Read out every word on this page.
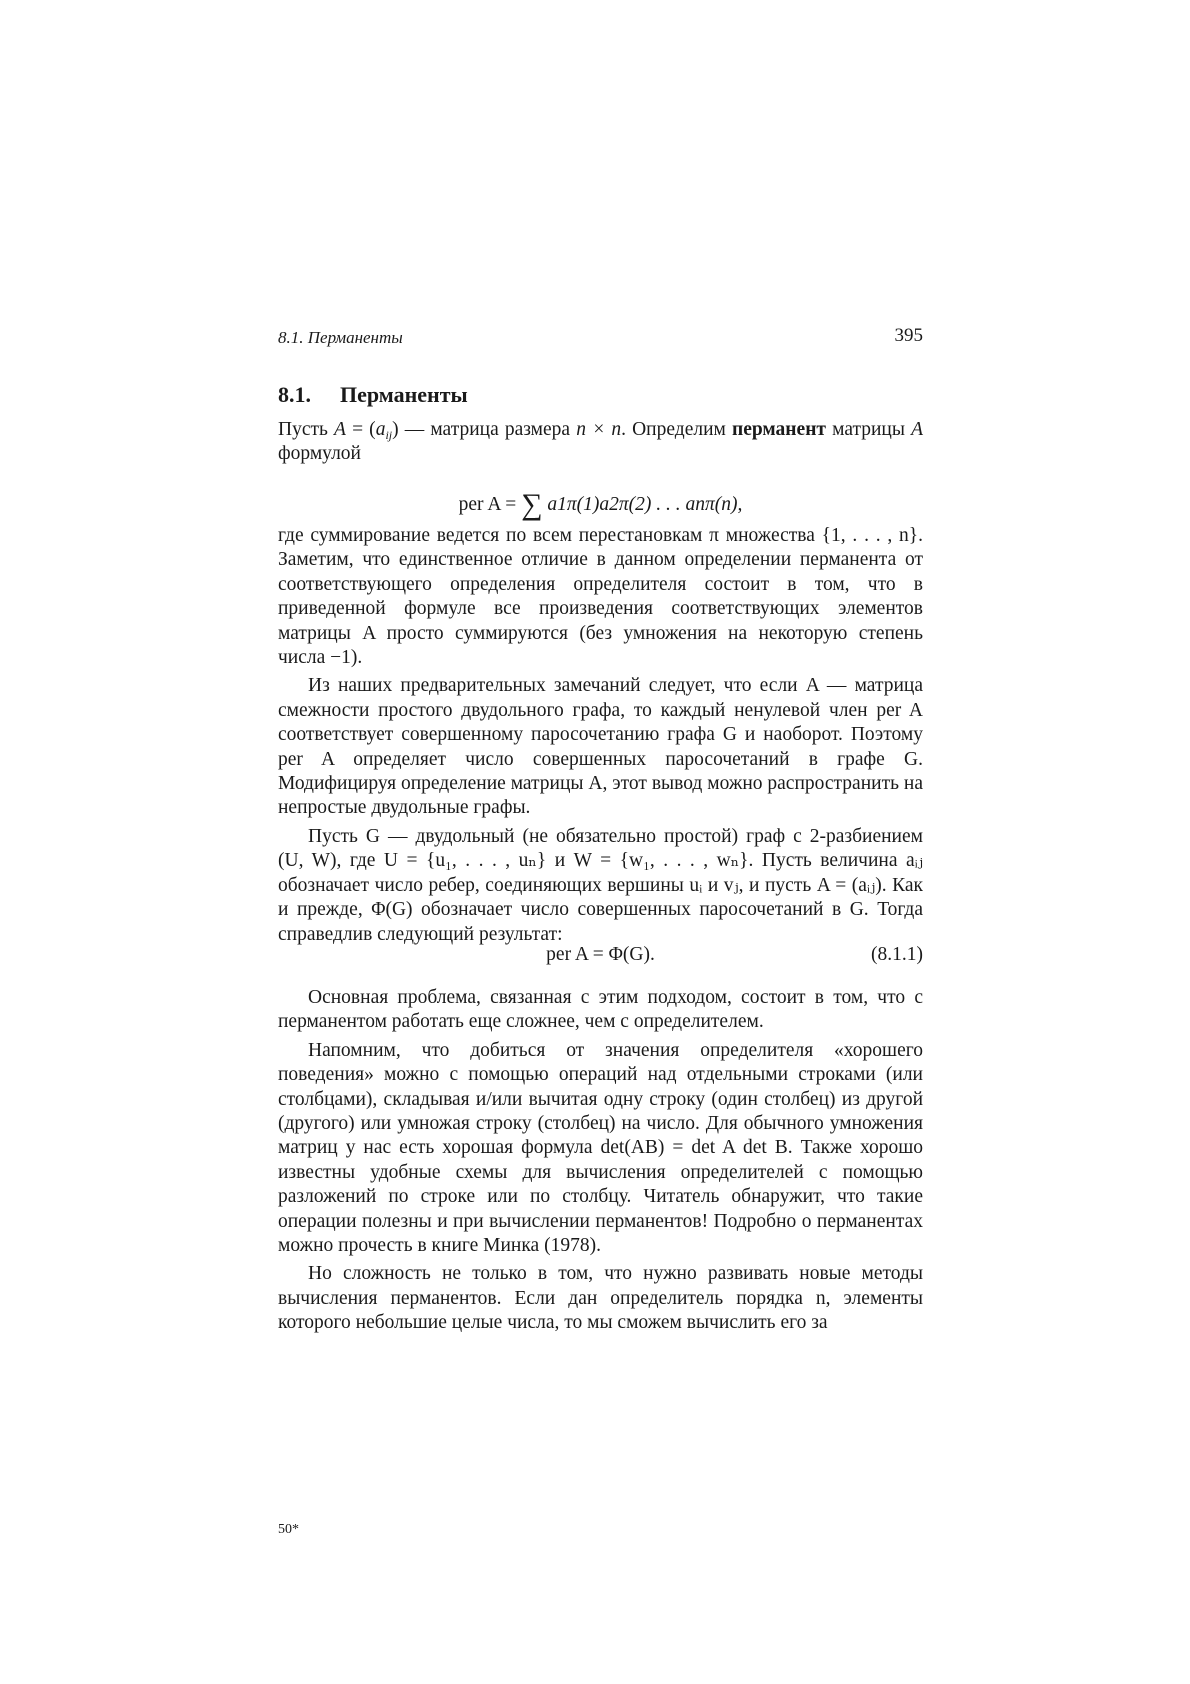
8.1. Перманенты	395
8.1. Перманенты

Пусть $A = (a_{ij})$ — матрица размера n × n. Определим перманент матрицы A формулой

per A = ∑ a1π(1)a2π(2) . . . anπ(n),

где суммирование ведется по всем перестановкам π множества {1, . . . , n}. Заметим, что единственное отличие в данном определении перманента от соответствующего определения определителя состоит в том, что в приведенной формуле все произведения соответствующих элементов матрицы A просто суммируются (без умножения на некоторую степень числа −1).

Из наших предварительных замечаний следует, что если A — матрица смежности простого двудольного графа, то каждый ненулевой член per A соответствует совершенному паросочетанию графа G и наоборот. Поэтому per A определяет число совершенных паросочетаний в графе G. Модифицируя определение матрицы A, этот вывод можно распространить на непростые двудольные графы.

Пусть G — двудольный (не обязательно простой) граф с 2-разбиением (U, W), где U = {u₁, . . . , uₙ} и W = {w₁, . . . , wₙ}. Пусть величина aᵢⱼ обозначает число ребер, соединяющих вершины uᵢ и vⱼ, и пусть A = (aᵢⱼ). Как и прежде, Φ(G) обозначает число совершенных паросочетаний в G. Тогда справедлив следующий результат:

per A = Φ(G).	(8.1.1)

Основная проблема, связанная с этим подходом, состоит в том, что с перманентом работать еще сложнее, чем с определителем.

Напомним, что добиться от значения определителя «хорошего поведения» можно с помощью операций над отдельными строками (или столбцами), складывая и/или вычитая одну строку (один столбец) из другой (другого) или умножая строку (столбец) на число. Для обычного умножения матриц у нас есть хорошая формула det(AB) = det A det B. Также хорошо известны удобные схемы для вычисления определителей с помощью разложений по строке или по столбцу. Читатель обнаружит, что такие операции полезны и при вычислении перманентов! Подробно о перманентах можно прочесть в книге Минка (1978).

Но сложность не только в том, что нужно развивать новые методы вычисления перманентов. Если дан определитель порядка n, элементы которого небольшие целые числа, то мы сможем вычислить его за

50*
